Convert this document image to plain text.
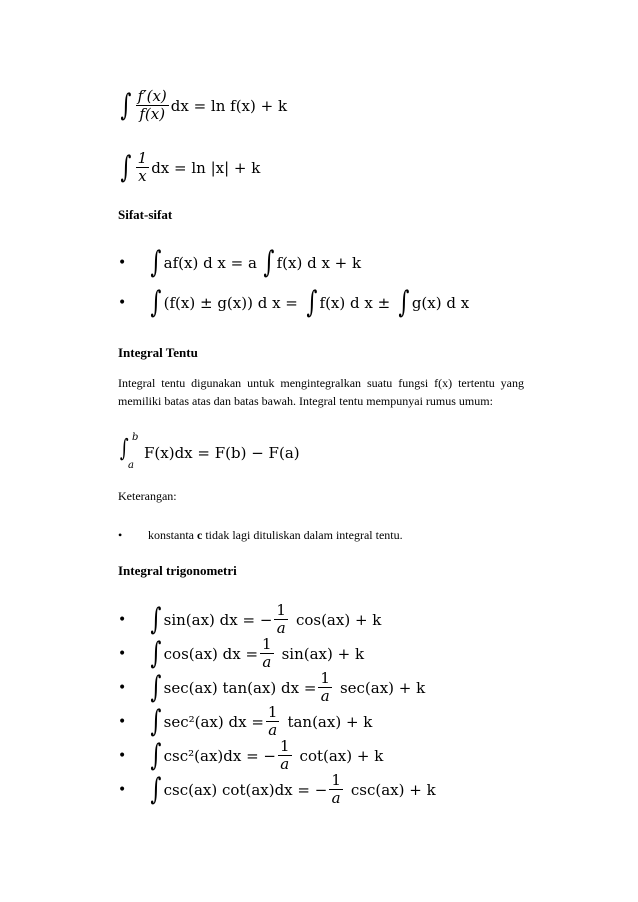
∫ $\frac{f'(x)}{f(x)}$ dx = ln f(x) + k
∫ $\frac{1}{x}$ dx = ln |x| + k
Sifat-sifat
• ∫ af(x) d x = a ∫ f(x) d x + k
• ∫ (f(x) ± g(x)) d x = ∫ f(x) d x ± ∫ g(x) d x
Integral Tentu

Integral tentu digunakan untuk mengintegralkan suatu fungsi f(x) tertentu yang memiliki batas atas dan batas bawah. Integral tentu mempunyai rumus umum:

∫ b
a
F(x)dx = F(b) − F(a)
Keterangan:
• konstanta c tidak lagi dituliskan dalam integral tentu.
Integral trigonometri
• ∫ sin(ax) dx = − $\frac{1}{a} \cos(ax) + k$
• ∫ cos(ax) dx = $\frac{1}{a} \sin(ax) + k$
• ∫ sec(ax) tan(ax) dx = $\frac{1}{a} \sec(ax) + k$
• ∫ sec²(ax) dx = $\frac{1}{a} \tan(ax) + k$
• ∫ csc²(ax)dx = − $\frac{1}{a} \cot(ax) + k$
• ∫ csc(ax) cot(ax)dx = − $\frac{1}{a} \csc(ax) + k$
